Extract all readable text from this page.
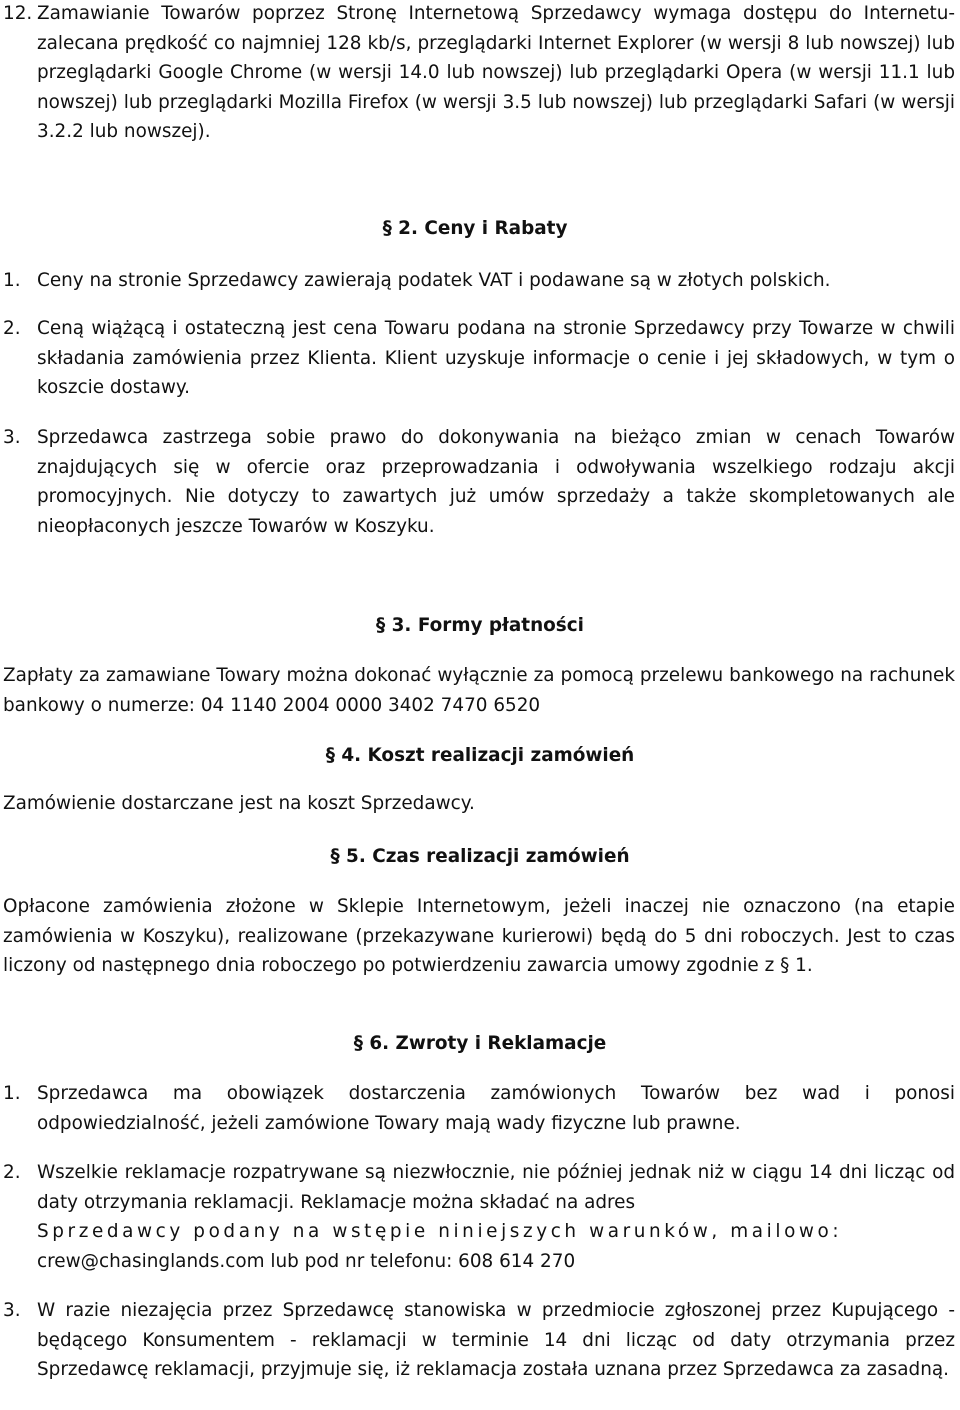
12. Zamawianie Towarów poprzez Stronę Internetową Sprzedawcy wymaga dostępu do Internetu-zalecana prędkość co najmniej 128 kb/s, przeglądarki Internet Explorer (w wersji 8 lub nowszej) lub przeglądarki Google Chrome (w wersji 14.0 lub nowszej) lub przeglądarki Opera (w wersji 11.1 lub nowszej) lub przeglądarki Mozilla Firefox (w wersji 3.5 lub nowszej) lub przeglądarki Safari (w wersji 3.2.2 lub nowszej).
§ 2. Ceny i Rabaty
1. Ceny na stronie Sprzedawcy zawierają podatek VAT i podawane są w złotych polskich.
2. Ceną wiążącą i ostateczną jest cena Towaru podana na stronie Sprzedawcy przy Towarze w chwili składania zamówienia przez Klienta. Klient uzyskuje informacje o cenie i jej składowych, w tym o koszcie dostawy.
3. Sprzedawca zastrzega sobie prawo do dokonywania na bieżąco zmian w cenach Towarów znajdujących się w ofercie oraz przeprowadzania i odwoływania wszelkiego rodzaju akcji promocyjnych. Nie dotyczy to zawartych już umów sprzedaży a także skompletowanych ale nieopłaconych jeszcze Towarów w Koszyku.
§ 3. Formy płatności
Zapłaty za zamawiane Towary można dokonać wyłącznie za pomocą przelewu bankowego na rachunek bankowy o numerze: 04 1140 2004 0000 3402 7470 6520
§ 4. Koszt realizacji zamówień
Zamówienie dostarczane jest na koszt Sprzedawcy.
§ 5. Czas realizacji zamówień
Opłacone zamówienia złożone w Sklepie Internetowym, jeżeli inaczej nie oznaczono (na etapie zamówienia w Koszyku), realizowane (przekazywane kurierowi) będą do 5 dni roboczych. Jest to czas liczony od następnego dnia roboczego po potwierdzeniu zawarcia umowy zgodnie z § 1.
§ 6. Zwroty i Reklamacje
1. Sprzedawca ma obowiązek dostarczenia zamówionych Towarów bez wad i ponosi odpowiedzialność, jeżeli zamówione Towary mają wady fizyczne lub prawne.
2. Wszelkie reklamacje rozpatrywane są niezwłocznie, nie później jednak niż w ciągu 14 dni licząc od daty otrzymania reklamacji. Reklamacje można składać na adres
Sprzedawcy podany na wstępie niniejszych warunków, mailowo:
crew@chasinglands.com lub pod nr telefonu: 608 614 270
3. W razie niezajęcia przez Sprzedawcę stanowiska w przedmiocie zgłoszonej przez Kupującego - będącego Konsumentem - reklamacji w terminie 14 dni licząc od daty otrzymania przez Sprzedawcę reklamacji, przyjmuje się, iż reklamacja została uznana przez Sprzedawca za zasadną.
